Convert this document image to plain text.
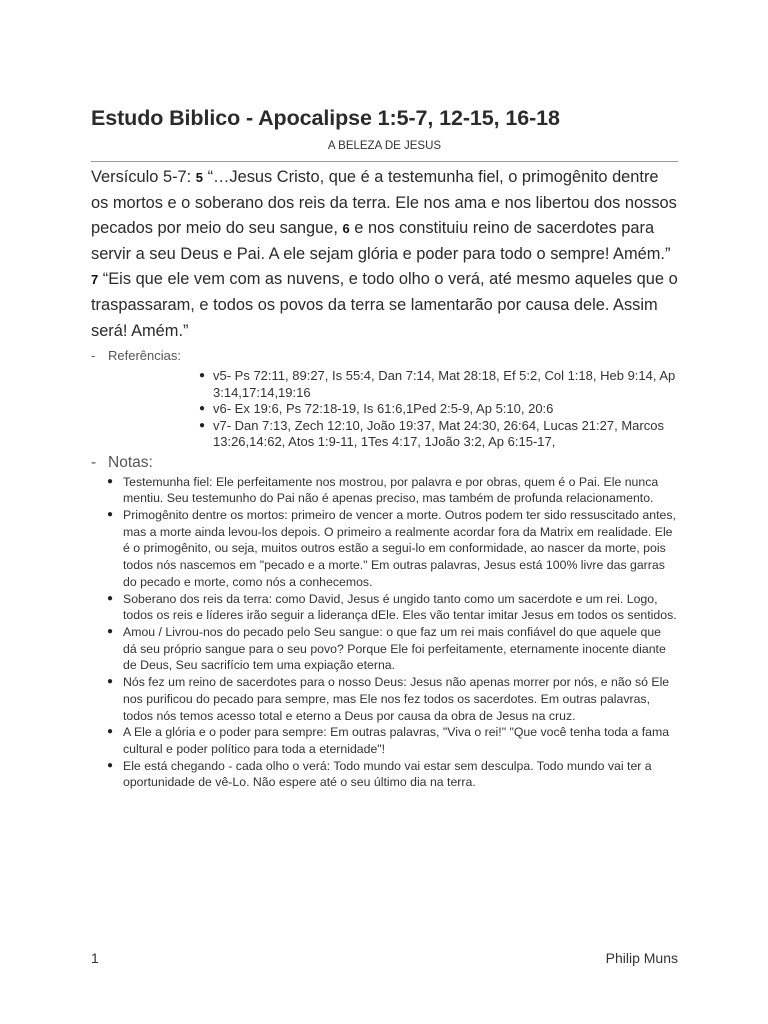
Estudo Biblico - Apocalipse 1:5-7, 12-15, 16-18
A BELEZA DE JESUS
Versículo 5-7: 5 “…Jesus Cristo, que é a testemunha fiel, o primogênito dentre os mortos e o soberano dos reis da terra. Ele nos ama e nos libertou dos nossos pecados por meio do seu sangue, 6 e nos constituiu reino de sacerdotes para servir a seu Deus e Pai. A ele sejam glória e poder para todo o sempre! Amém.” 7 “Eis que ele vem com as nuvens, e todo olho o verá, até mesmo aqueles que o traspassaram, e todos os povos da terra se lamentarão por causa dele. Assim será! Amém.”
- Referências:
● v5- Ps 72:11, 89:27, Is 55:4, Dan 7:14, Mat 28:18, Ef 5:2, Col 1:18, Heb 9:14, Ap 3:14,17:14,19:16
● v6- Ex 19:6, Ps 72:18-19, Is 61:6,1Ped 2:5-9, Ap 5:10, 20:6
● v7- Dan 7:13, Zech 12:10, João 19:37, Mat 24:30, 26:64, Lucas 21:27, Marcos 13:26,14:62, Atos 1:9-11, 1Tes 4:17, 1João 3:2, Ap 6:15-17,
- Notas:
● Testemunha fiel: Ele perfeitamente nos mostrou, por palavra e por obras, quem é o Pai. Ele nunca mentiu. Seu testemunho do Pai não é apenas preciso, mas também de profunda relacionamento.
● Primogênito dentre os mortos: primeiro de vencer a morte. Outros podem ter sido ressuscitado antes, mas a morte ainda levou-los depois. O primeiro a realmente acordar fora da Matrix em realidade. Ele é o primogênito, ou seja, muitos outros estão a segui-lo em conformidade, ao nascer da morte, pois todos nós nascemos em "pecado e a morte." Em outras palavras, Jesus está 100% livre das garras do pecado e morte, como nós a conhecemos.
● Soberano dos reis da terra: como David, Jesus é ungido tanto como um sacerdote e um rei. Logo, todos os reis e líderes irão seguir a liderança dEle. Eles vão tentar imitar Jesus em todos os sentidos.
● Amou / Livrou-nos do pecado pelo Seu sangue: o que faz um rei mais confiável do que aquele que dá seu próprio sangue para o seu povo? Porque Ele foi perfeitamente, eternamente inocente diante de Deus, Seu sacrifício tem uma expiação eterna.
● Nós fez um reino de sacerdotes para o nosso Deus: Jesus não apenas morrer por nós, e não só Ele nos purificou do pecado para sempre, mas Ele nos fez todos os sacerdotes. Em outras palavras, todos nós temos acesso total e eterno a Deus por causa da obra de Jesus na cruz.
● A Ele a glória e o poder para sempre: Em outras palavras, "Viva o rei!" "Que você tenha toda a fama cultural e poder político para toda a eternidade"!
● Ele está chegando - cada olho o verá: Todo mundo vai estar sem desculpa. Todo mundo vai ter a oportunidade de vê-Lo. Não espere até o seu último dia na terra.
1	Philip Muns
